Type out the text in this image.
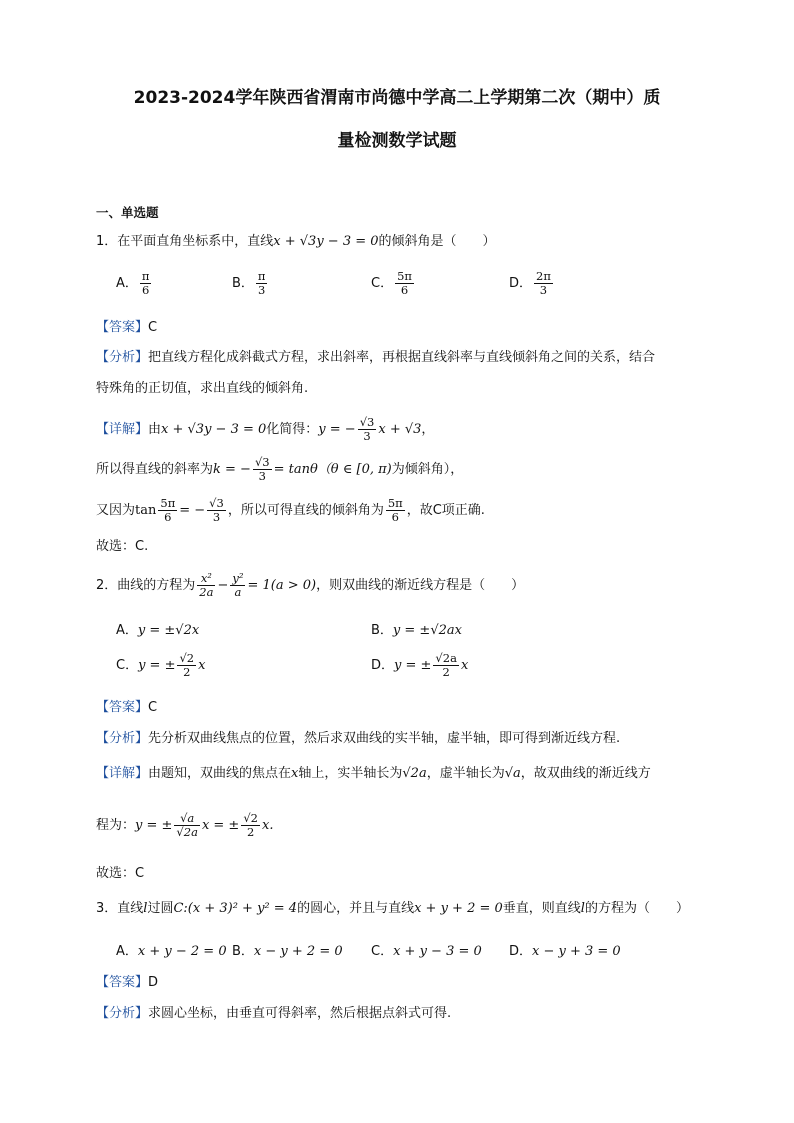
2023-2024学年陕西省渭南市尚德中学高二上学期第二次（期中）质
量检测数学试题
一、单选题
1．在平面直角坐标系中，直线x + √3y − 3 = 0的倾斜角是（　　）
A． $\frac{\pi}{6}$	B． $\frac{\pi}{3}$	C． $\frac{5\pi}{6}$	D． $\frac{2\pi}{3}$
【答案】C
【分析】把直线方程化成斜截式方程，求出斜率，再根据直线斜率与直线倾斜角之间的关系，结合
特殊角的正切值，求出直线的倾斜角.
【详解】由x + √3y − 3 = 0化简得：y = − $\frac{√3}{3}$ x + √3，
所以得直线的斜率为k = − $\frac{√3}{3} = \tan\theta(\theta$ ∈ [0, π)为倾斜角），
又因为$\tan \frac{5\pi}{6}$ = − $\frac{√3}{3}$ ，所以可得直线的倾斜角为 $\frac{5\pi}{6}$ ，故C项正确.
故选：C.
2．曲线的方程为 $\frac{\text{x²}}{2a} - \frac{\text{y²}}{a} = 1(a > 0)$，则双曲线的渐近线方程是（　　）
A．y = ±√2x	B．y = ±√2ax
C．y = ± $\frac{√2}{2}$ x	D．y = ± $\frac{√2a}{2}$ x
【答案】C
【分析】先分析双曲线焦点的位置，然后求双曲线的实半轴，虚半轴，即可得到渐近线方程.
【详解】由题知，双曲线的焦点在x轴上，实半轴长为√2a，虚半轴长为√a，故双曲线的渐近线方
程为：y = ± $\frac{√a}{√2a}$ x = ± $\frac{√2}{2} x$.
故选：C
3．直线l过圆C:(x + 3)² + y² = 4的圆心，并且与直线x + y + 2 = 0垂直，则直线l的方程为（　　）
A．x + y − 2 = 0 B．x − y + 2 = 0 C．x + y − 3 = 0 D．x − y + 3 = 0
【答案】D
【分析】求圆心坐标，由垂直可得斜率，然后根据点斜式可得.
